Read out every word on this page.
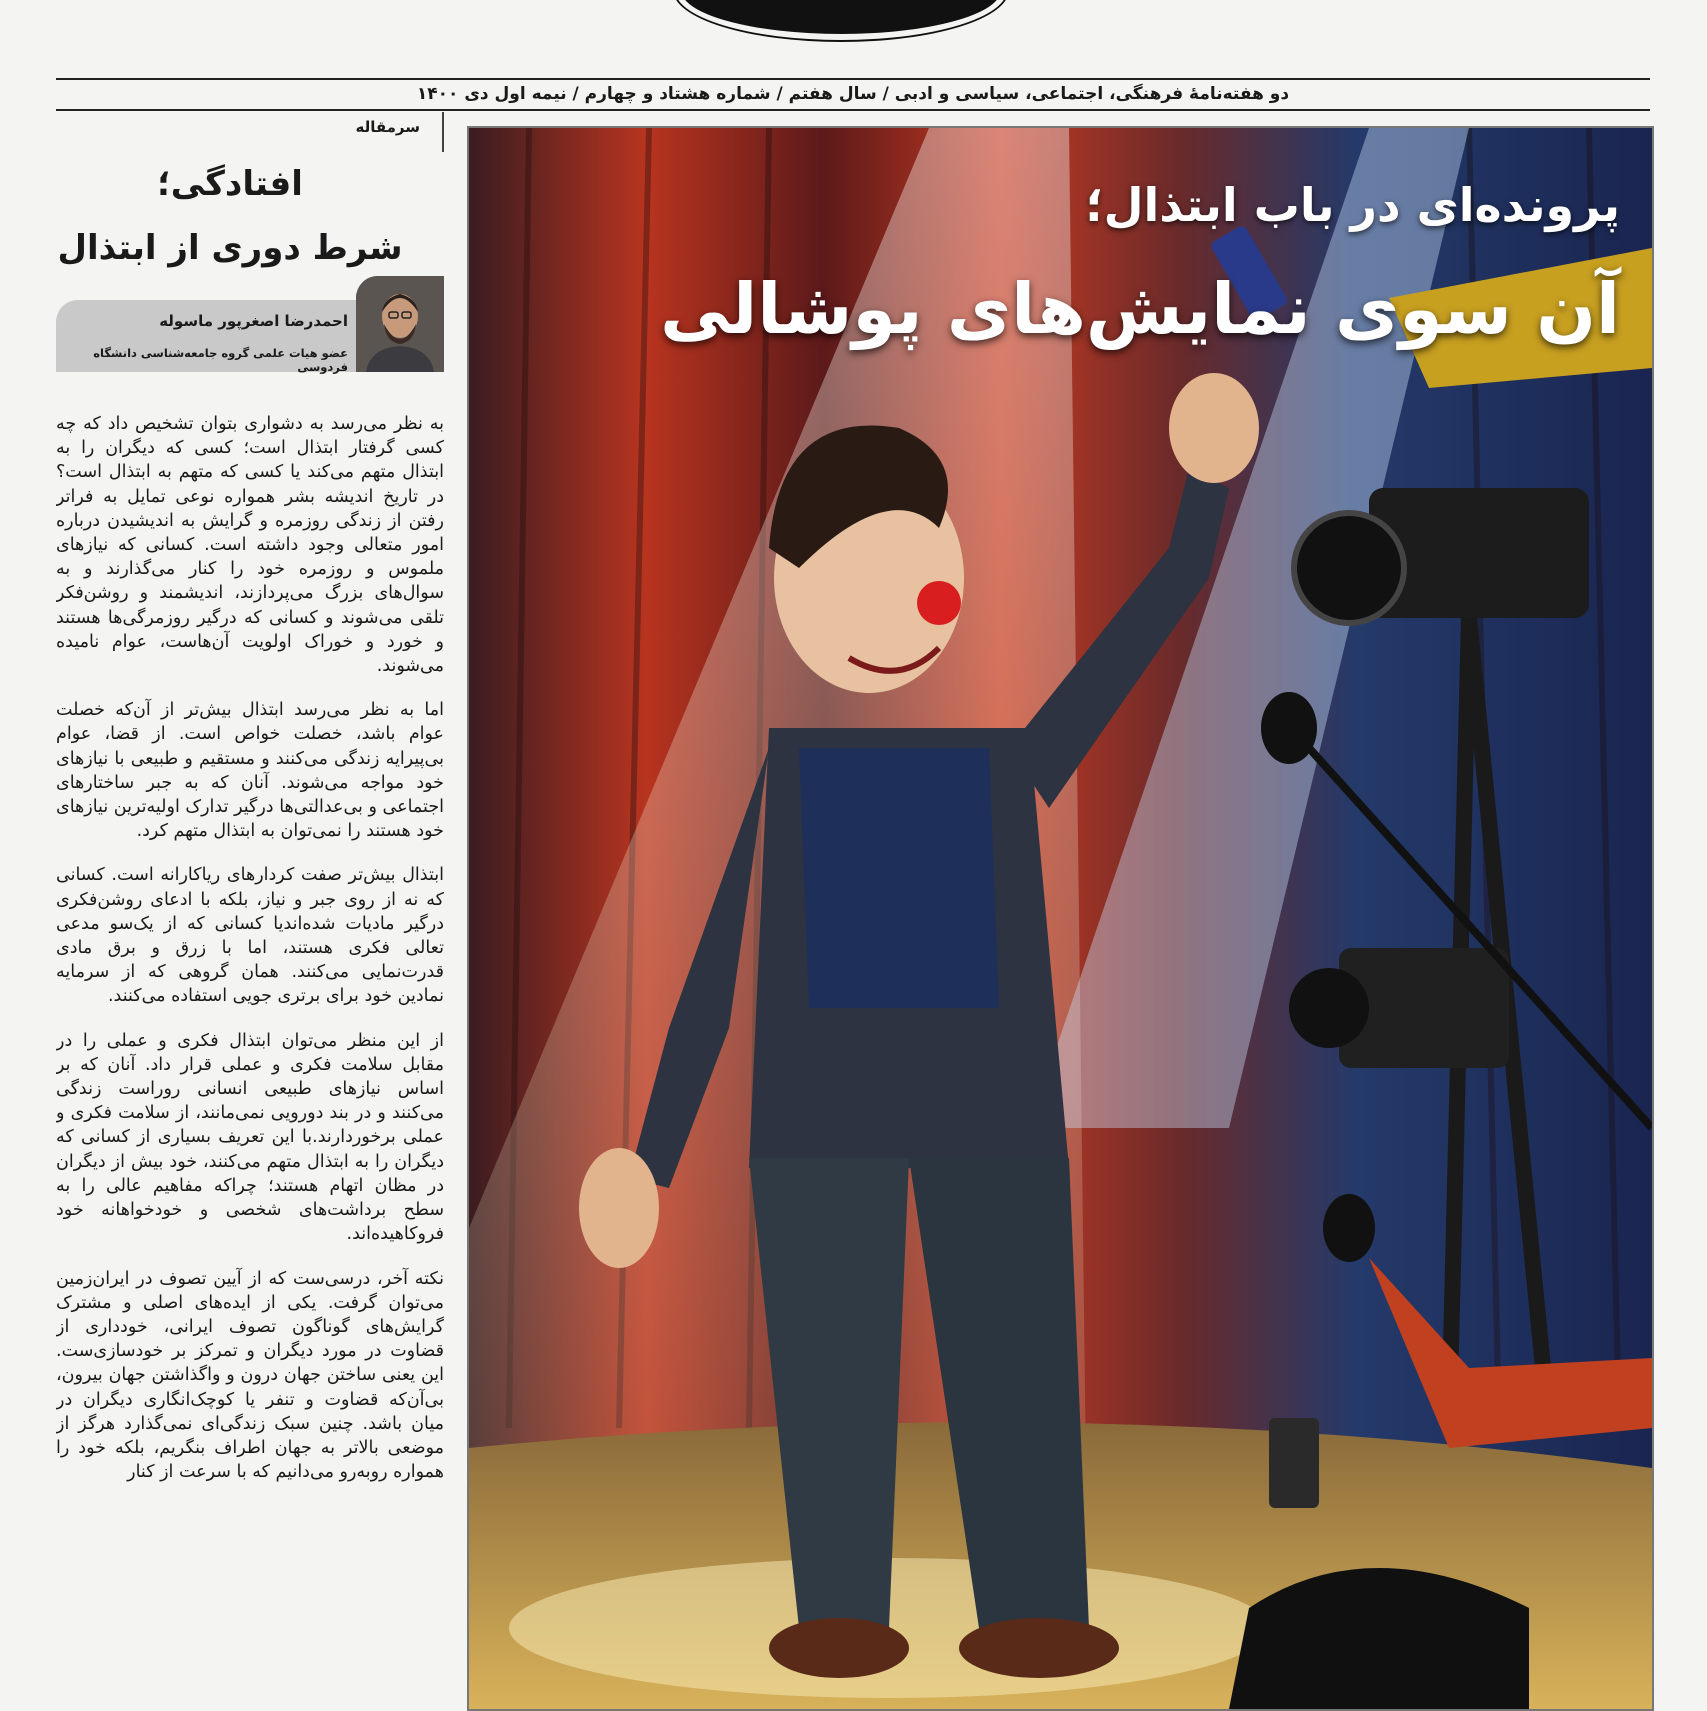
دو هفته‌نامهٔ فرهنگی، اجتماعی، سیاسی و ادبی / سال هفتم / شماره هشتاد و چهارم / نیمه اول دی ۱۴۰۰
سرمقاله
افتادگی؛
شرط دوری از ابتذال
احمدرضا اصغرپور ماسوله
عضو هیات علمی گروه جامعه‌شناسی دانشگاه فردوسی

به نظر می‌رسد به دشواری بتوان تشخیص داد که چه کسی گرفتار ابتذال است؛ کسی که دیگران را به ابتذال متهم می‌کند یا کسی که متهم به ابتذال است؟ در تاریخ اندیشه بشر همواره نوعی تمایل به فراتر رفتن از زندگی روزمره و گرایش به اندیشیدن درباره امور متعالی وجود داشته است. کسانی که نیازهای ملموس و روزمره خود را کنار می‌گذارند و به سوال‌های بزرگ می‌پردازند، اندیشمند و روشن‌فکر تلقی می‌شوند و کسانی که درگیر روزمرگی‌ها هستند و خورد و خوراک اولویت آن‌هاست، عوام نامیده می‌شوند.

اما به نظر می‌رسد ابتذال بیش‌تر از آن‌که خصلت عوام باشد، خصلت خواص است. از قضا، عوام بی‌پیرایه زندگی می‌کنند و مستقیم و طبیعی با نیازهای خود مواجه می‌شوند. آنان که به جبر ساختارهای اجتماعی و بی‌عدالتی‌ها درگیر تدارک اولیه‌ترین نیازهای خود هستند را نمی‌توان به ابتذال متهم کرد.

ابتذال بیش‌تر صفت کردارهای ریاکارانه است. کسانی که نه از روی جبر و نیاز، بلکه با ادعای روشن‌فکری درگیر مادیات شده‌اندیا کسانی که از یک‌سو مدعی تعالی فکری هستند، اما با زرق و برق مادی قدرت‌نمایی می‌کنند. همان گروهی که از سرمایه نمادین خود برای برتری جویی استفاده می‌کنند.

از این منظر می‌توان ابتذال فکری و عملی را در مقابل سلامت فکری و عملی قرار داد. آنان که بر اساس نیازهای طبیعی انسانی رو‌راست زندگی می‌کنند و در بند دورویی نمی‌مانند، از سلامت فکری و عملی برخوردارند.با این تعریف بسیاری از کسانی که دیگران را به ابتذال متهم می‌کنند، خود بیش از دیگران در مظان اتهام هستند؛ چراکه مفاهیم عالی را به سطح برداشت‌های شخصی و خودخواهانه خود فروکاهیده‌اند.

نکته آخر، درسی‌ست که از آیین تصوف در ایران‌زمین می‌توان گرفت. یکی از ایده‌های اصلی و مشترک گرایش‌های گوناگون تصوف ایرانی، خودداری از قضاوت در مورد دیگران و تمرکز بر خودسازی‌ست. این یعنی ساختن جهان درون و واگذاشتن جهان بیرون، بی‌آن‌که قضاوت و تنفر یا کوچک‌انگاری دیگران در میان باشد. چنین سبک زندگی‌ای نمی‌گذارد هرگز از موضعی بالاتر به جهان اطراف بنگریم، بلکه خود را همواره روبه‌رو می‌دانیم که با سرعت از کنار

پرونده‌ای در باب ابتذال؛
آن سوی نمایش‌های پوشالی
